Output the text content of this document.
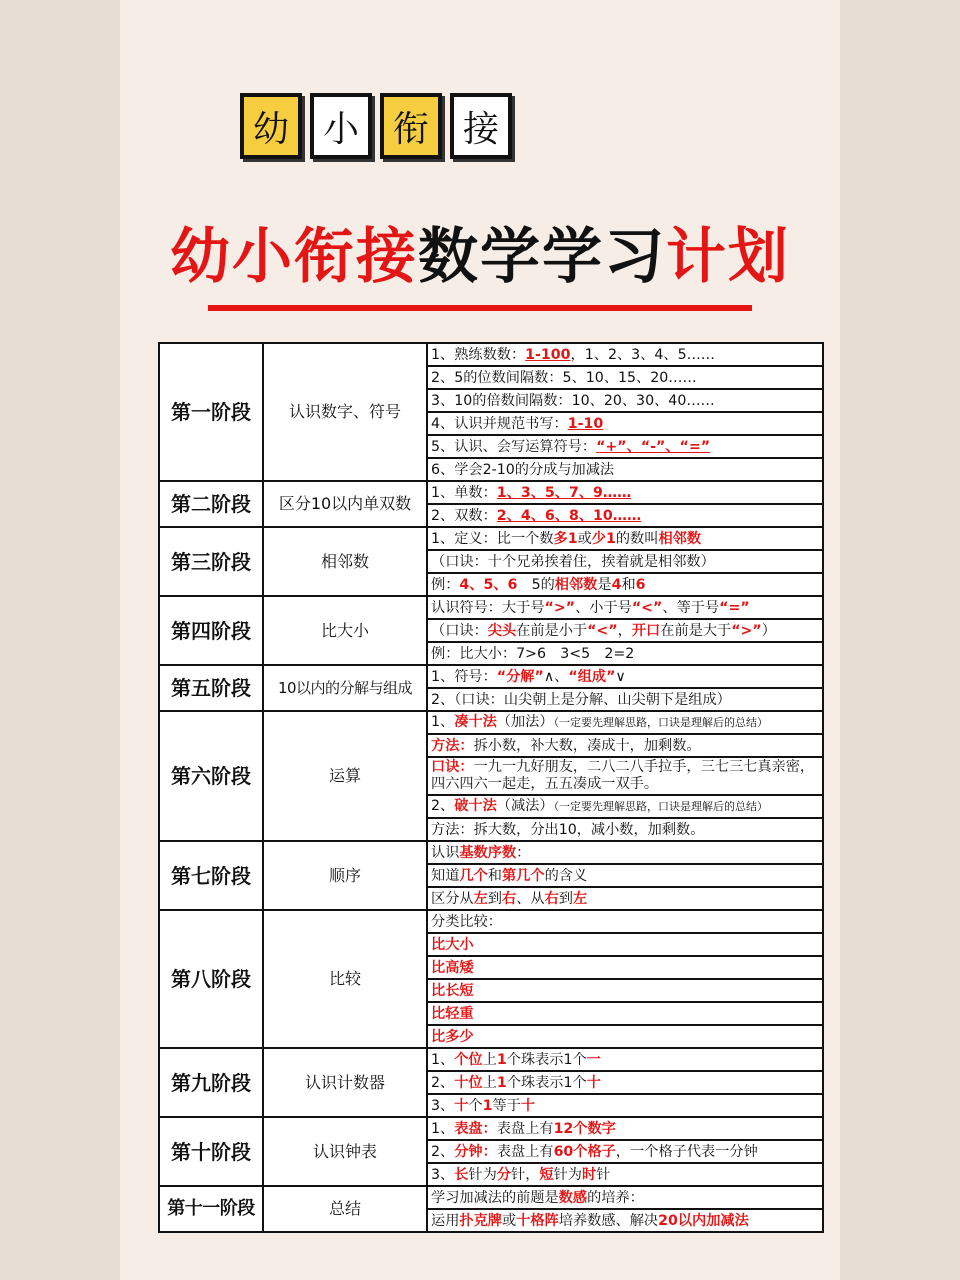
幼 小 衔 接
幼小衔接数学学习计划
第一阶段	认识数字、符号	1、熟练数数：1-100，1、2、3、4、5……
		2、5的位数间隔数：5、10、15、20……
		3、10的倍数间隔数：10、20、30、40……
		4、认识并规范书写：1-10
		5、认识、会写运算符号：“+”、“-”、“=”
		6、学会2-10的分成与加减法
第二阶段	区分10以内单双数	1、单数：1、3、5、7、9……
		2、双数：2、4、6、8、10……
第三阶段	相邻数	1、定义：比一个数多1或少1的数叫相邻数
		（口诀：十个兄弟挨着住，挨着就是相邻数）
		例：4、5、6　5的相邻数是4和6
第四阶段	比大小	认识符号：大于号“>”、小于号“<”、等于号“=”
		（口诀：尖头在前是小于“<”，开口在前是大于“>”）
		例：比大小：7>6　3<5　2=2
第五阶段	10以内的分解与组成	1、符号：“分解”∧、“组成”∨
		2、（口诀：山尖朝上是分解、山尖朝下是组成）
第六阶段	运算	1、凑十法（加法）（一定要先理解思路，口诀是理解后的总结）
		方法：拆小数，补大数，凑成十，加剩数。
		口诀：一九一九好朋友，二八二八手拉手，三七三七真亲密，四六四六一起走，五五凑成一双手。
		2、破十法（减法）（一定要先理解思路，口诀是理解后的总结）
		方法：拆大数，分出10，减小数，加剩数。
第七阶段	顺序	认识基数序数：
		知道几个和第几个的含义
		区分从左到右、从右到左
第八阶段	比较	分类比较：
		比大小
		比高矮
		比长短
		比轻重
		比多少
第九阶段	认识计数器	1、个位上1个珠表示1个一
		2、十位上1个珠表示1个十
		3、十个1等于十
第十阶段	认识钟表	1、表盘：表盘上有12个数字
		2、分钟：表盘上有60个格子，一个格子代表一分钟
		3、长针为分针，短针为时针
第十一阶段	总结	学习加减法的前题是数感的培养：
		运用扑克牌或十格阵培养数感、解决20以内加减法
